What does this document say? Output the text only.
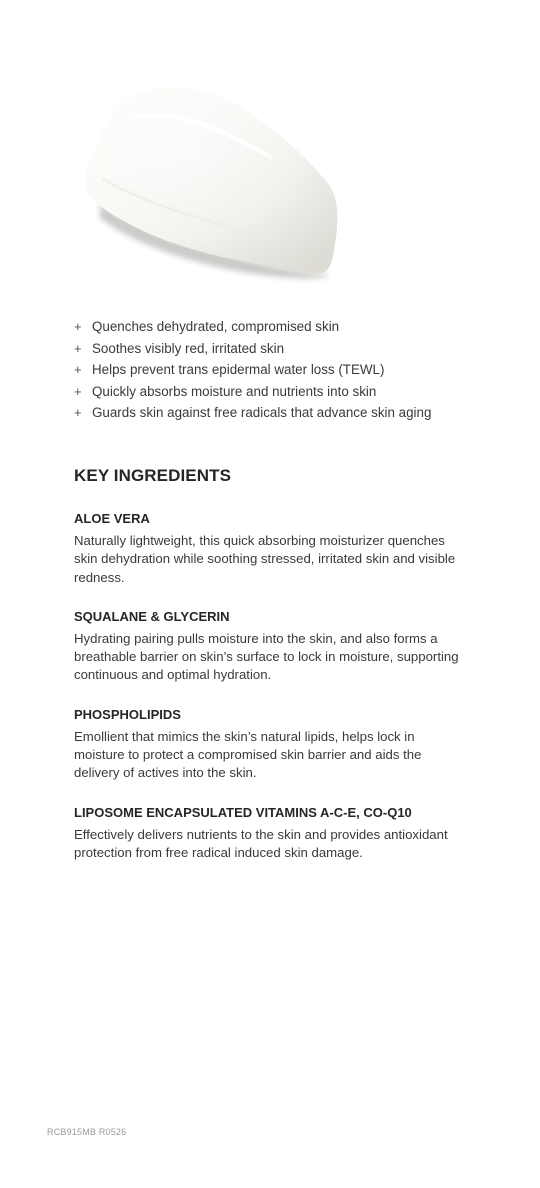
+ Quenches dehydrated, compromised skin
+ Soothes visibly red, irritated skin
+ Helps prevent trans epidermal water loss (TEWL)
+ Quickly absorbs moisture and nutrients into skin
+ Guards skin against free radicals that advance skin aging
KEY INGREDIENTS
ALOE VERA

Naturally lightweight, this quick absorbing moisturizer quenches skin dehydration while soothing stressed, irritated skin and visible redness.

SQUALANE & GLYCERIN

Hydrating pairing pulls moisture into the skin, and also forms a breathable barrier on skin’s surface to lock in moisture, supporting continuous and optimal hydration.

PHOSPHOLIPIDS

Emollient that mimics the skin’s natural lipids, helps lock in moisture to protect a compromised skin barrier and aids the delivery of actives into the skin.

LIPOSOME ENCAPSULATED VITAMINS A-C-E, CO-Q10

Effectively delivers nutrients to the skin and provides antioxidant protection from free radical induced skin damage.

RCB915MB R0526
